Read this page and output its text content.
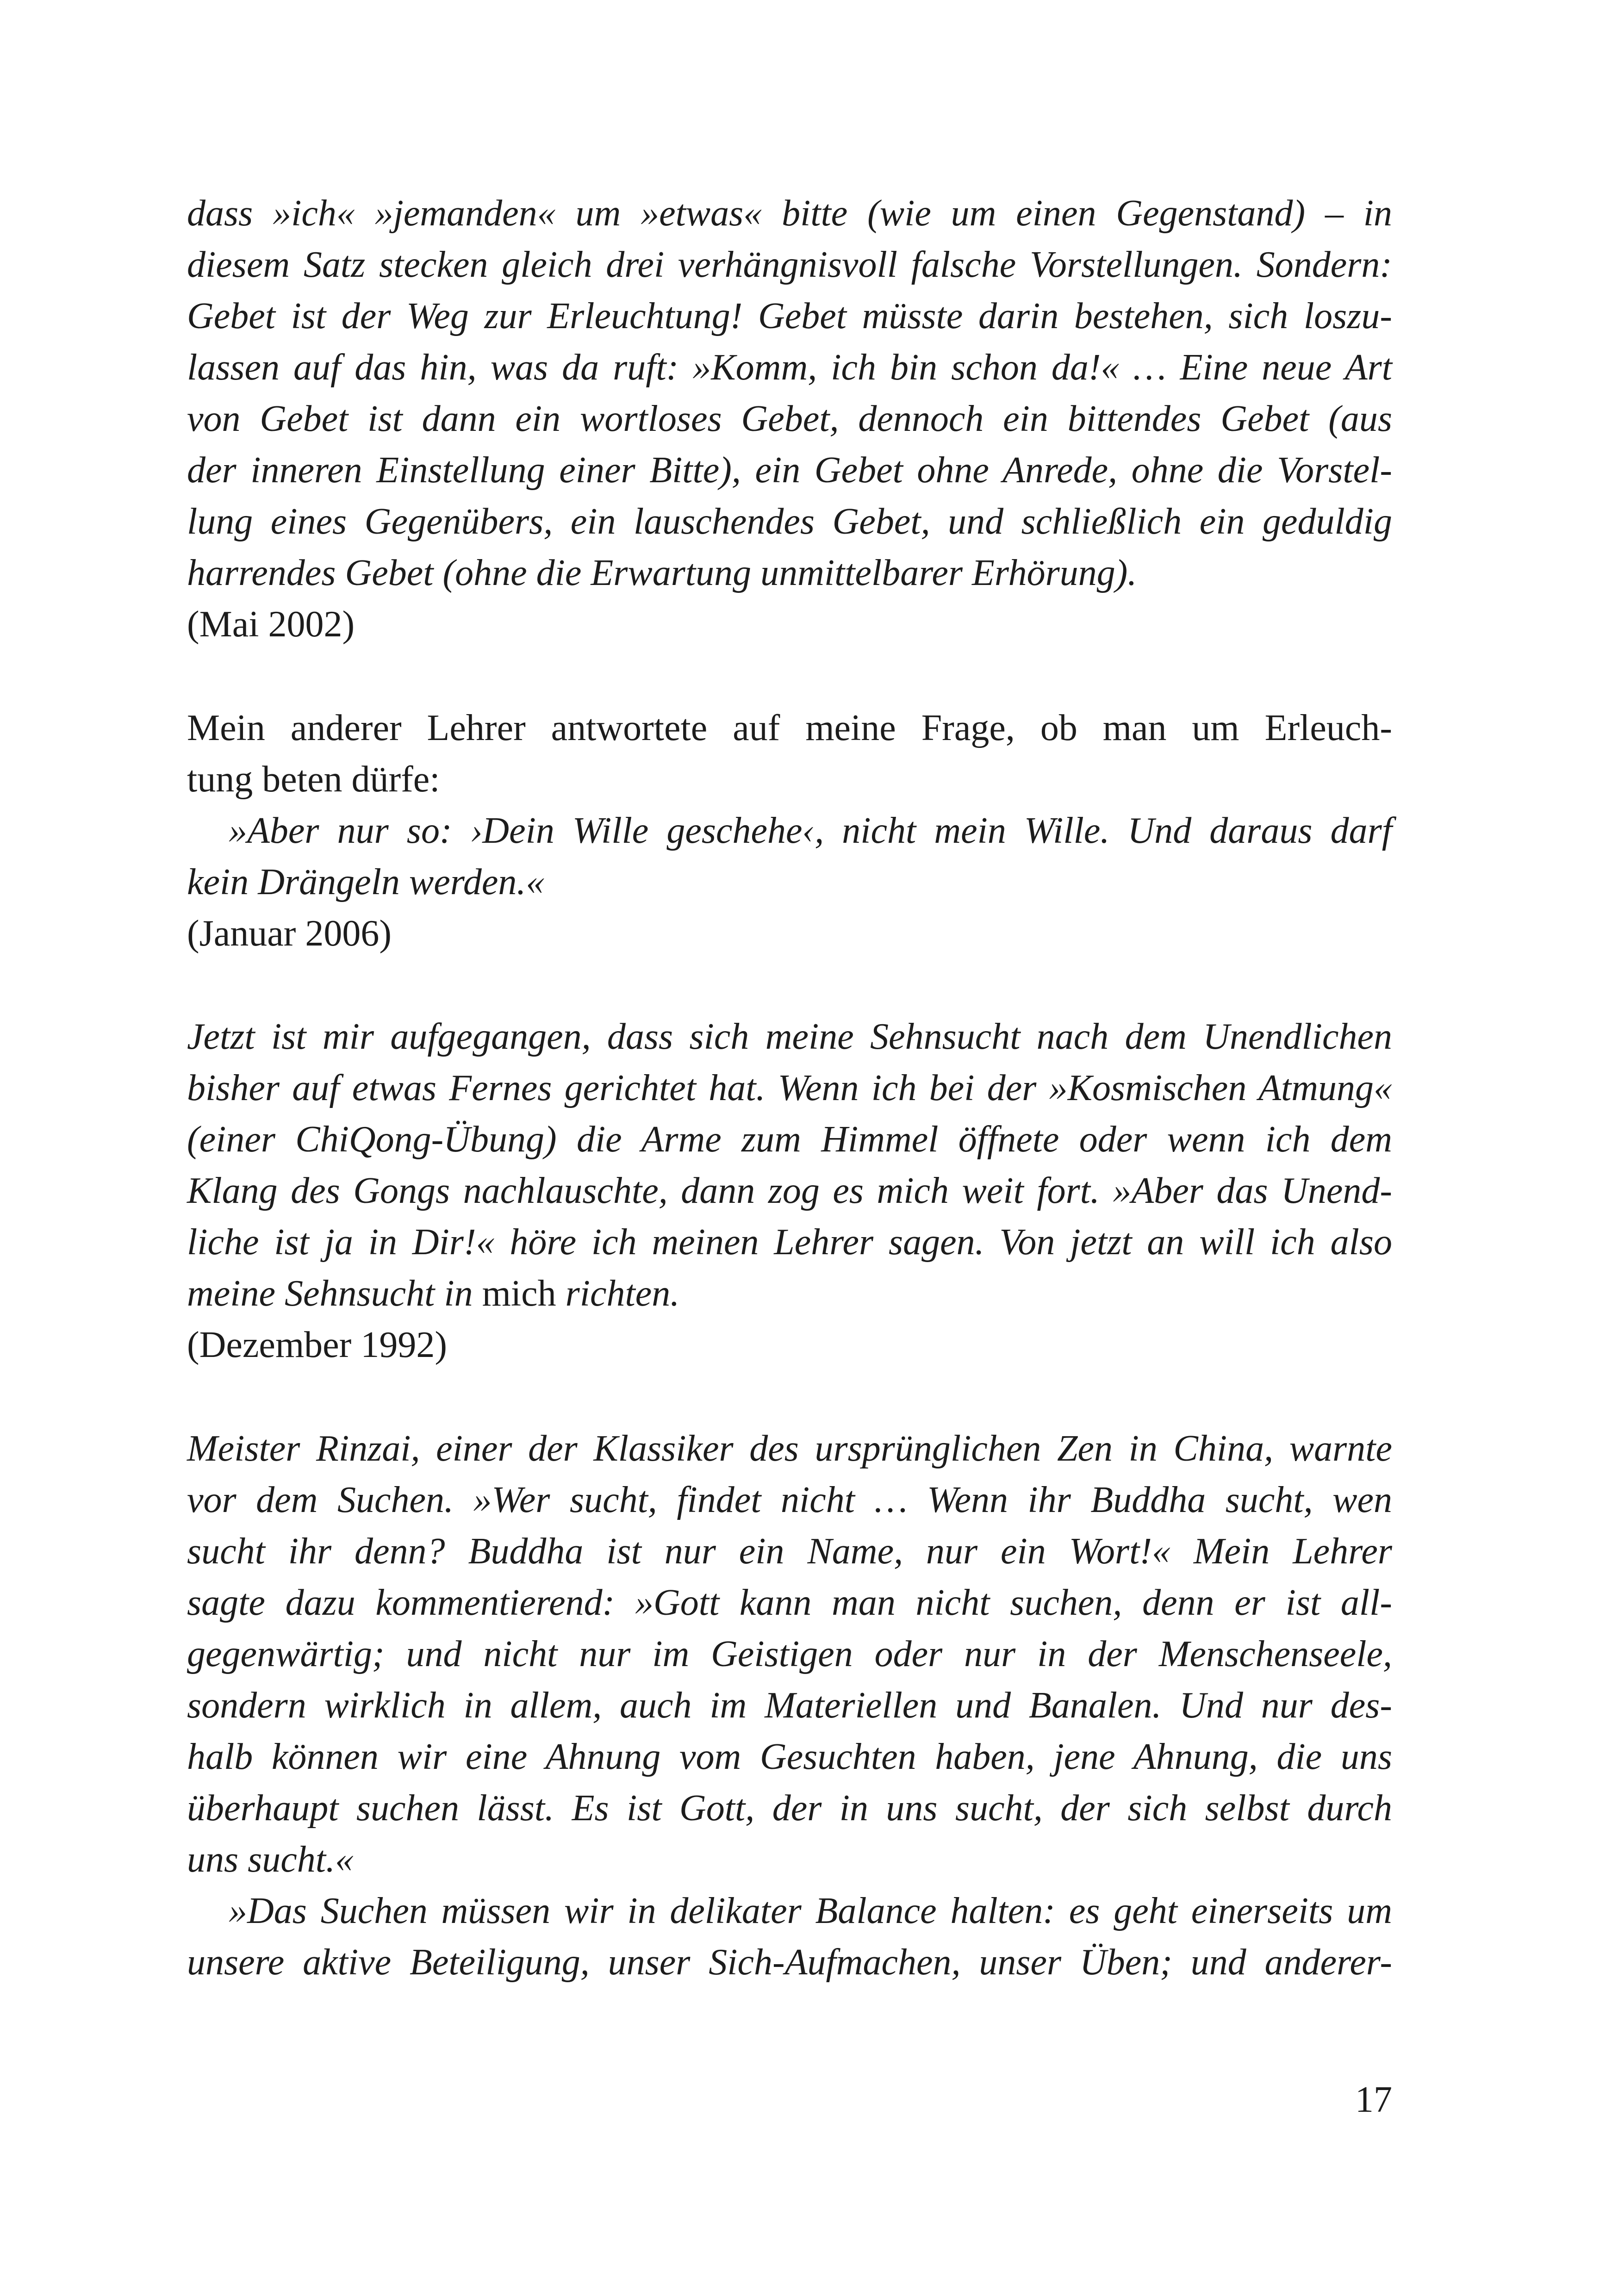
dass »ich« »jemanden« um »etwas« bitte (wie um einen Gegenstand) – in
diesem Satz stecken gleich drei verhängnisvoll falsche Vorstellungen. Sondern:
Gebet ist der Weg zur Erleuchtung! Gebet müsste darin bestehen, sich loszu-
lassen auf das hin, was da ruft: »Komm, ich bin schon da!« … Eine neue Art
von Gebet ist dann ein wortloses Gebet, dennoch ein bittendes Gebet (aus
der inneren Einstellung einer Bitte), ein Gebet ohne Anrede, ohne die Vorstel-
lung eines Gegenübers, ein lauschendes Gebet, und schließlich ein geduldig
harrendes Gebet (ohne die Erwartung unmittelbarer Erhörung).
(Mai 2002)
Mein anderer Lehrer antwortete auf meine Frage, ob man um Erleuch-
tung beten dürfe:
»Aber nur so: ›Dein Wille geschehe‹, nicht mein Wille. Und daraus darf
kein Drängeln werden.«
(Januar 2006)
Jetzt ist mir aufgegangen, dass sich meine Sehnsucht nach dem Unendlichen
bisher auf etwas Fernes gerichtet hat. Wenn ich bei der »Kosmischen Atmung«
(einer ChiQong-Übung) die Arme zum Himmel öffnete oder wenn ich dem
Klang des Gongs nachlauschte, dann zog es mich weit fort. »Aber das Unend-
liche ist ja in Dir!« höre ich meinen Lehrer sagen. Von jetzt an will ich also
meine Sehnsucht in mich richten.
(Dezember 1992)
Meister Rinzai, einer der Klassiker des ursprünglichen Zen in China, warnte
vor dem Suchen. »Wer sucht, findet nicht … Wenn ihr Buddha sucht, wen
sucht ihr denn? Buddha ist nur ein Name, nur ein Wort!« Mein Lehrer
sagte dazu kommentierend: »Gott kann man nicht suchen, denn er ist all-
gegenwärtig; und nicht nur im Geistigen oder nur in der Menschenseele,
sondern wirklich in allem, auch im Materiellen und Banalen. Und nur des-
halb können wir eine Ahnung vom Gesuchten haben, jene Ahnung, die uns
überhaupt suchen lässt. Es ist Gott, der in uns sucht, der sich selbst durch
uns sucht.«
»Das Suchen müssen wir in delikater Balance halten: es geht einerseits um
unsere aktive Beteiligung, unser Sich-Aufmachen, unser Üben; und anderer-
17
